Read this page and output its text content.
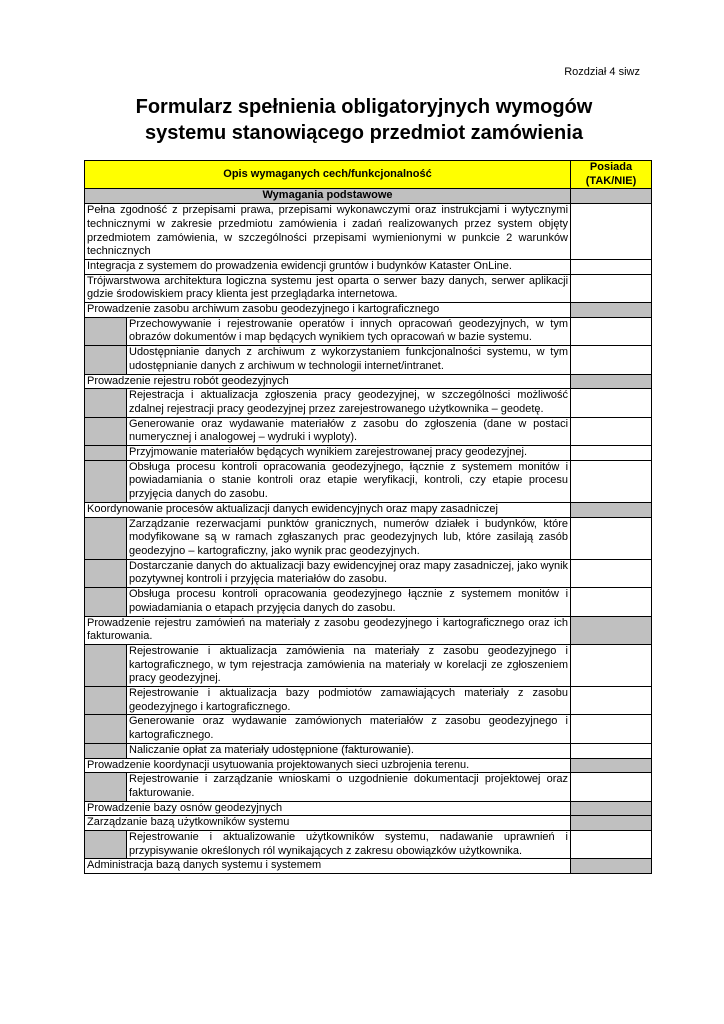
Rozdział 4 siwz
Formularz spełnienia obligatoryjnych wymogów
systemu stanowiącego przedmiot zamówienia
Opis wymaganych cech/funkcjonalność		Posiada (TAK/NIE)
Wymagania podstawowe		
Pełna zgodność z przepisami prawa, przepisami wykonawczymi oraz instrukcjami i wytycznymi technicznymi w zakresie przedmiotu zamówienia i zadań realizowanych przez system objęty przedmiotem zamówienia, w szczególności przepisami wymienionymi w punkcie 2 warunków technicznych		
Integracja z systemem do prowadzenia ewidencji gruntów i budynków Kataster OnLine.		
Trójwarstwowa architektura logiczna systemu jest oparta o serwer bazy danych, serwer aplikacji gdzie środowiskiem pracy klienta jest przeglądarka internetowa.		
Prowadzenie zasobu archiwum zasobu geodezyjnego i kartograficznego		
	Przechowywanie i rejestrowanie operatów i innych opracowań geodezyjnych, w tym obrazów dokumentów i map będących wynikiem tych opracowań w bazie systemu.	
	Udostępnianie danych z archiwum z wykorzystaniem funkcjonalności systemu, w tym udostępnianie danych z archiwum w technologii internet/intranet.	
Prowadzenie rejestru robót geodezyjnych		
	Rejestracja i aktualizacja zgłoszenia pracy geodezyjnej, w szczególności możliwość zdalnej rejestracji pracy geodezyjnej przez zarejestrowanego użytkownika – geodetę.	
	Generowanie oraz wydawanie materiałów z zasobu do zgłoszenia (dane w postaci numerycznej i analogowej – wydruki i wyploty).	
	Przyjmowanie materiałów będących wynikiem zarejestrowanej pracy geodezyjnej.	
	Obsługa procesu kontroli opracowania geodezyjnego, łącznie z systemem monitów i powiadamiania o stanie kontroli oraz etapie weryfikacji, kontroli, czy etapie procesu przyjęcia danych do zasobu.	
Koordynowanie procesów aktualizacji danych ewidencyjnych oraz mapy zasadniczej		
	Zarządzanie rezerwacjami punktów granicznych, numerów działek i budynków, które modyfikowane są w ramach zgłaszanych prac geodezyjnych lub, które zasilają zasób geodezyjno – kartograficzny, jako wynik prac geodezyjnych.	
	Dostarczanie danych do aktualizacji bazy ewidencyjnej oraz mapy zasadniczej, jako wynik pozytywnej kontroli i przyjęcia materiałów do zasobu.	
	Obsługa procesu kontroli opracowania geodezyjnego łącznie z systemem monitów i powiadamiania o etapach przyjęcia danych do zasobu.	
Prowadzenie rejestru zamówień na materiały z zasobu geodezyjnego i kartograficznego oraz ich fakturowania.		
	Rejestrowanie i aktualizacja zamówienia na materiały z zasobu geodezyjnego i kartograficznego, w tym rejestracja zamówienia na materiały w korelacji ze zgłoszeniem pracy geodezyjnej.	
	Rejestrowanie i aktualizacja bazy podmiotów zamawiających materiały z zasobu geodezyjnego i kartograficznego.	
	Generowanie oraz wydawanie zamówionych materiałów z zasobu geodezyjnego i kartograficznego.	
	Naliczanie opłat za materiały udostępnione (fakturowanie).	
Prowadzenie koordynacji usytuowania projektowanych sieci uzbrojenia terenu.		
	Rejestrowanie i zarządzanie wnioskami o uzgodnienie dokumentacji projektowej oraz fakturowanie.	
Prowadzenie bazy osnów geodezyjnych		
Zarządzanie bazą użytkowników systemu		
	Rejestrowanie i aktualizowanie użytkowników systemu, nadawanie uprawnień i przypisywanie określonych ról wynikających z zakresu obowiązków użytkownika.	
Administracja bazą danych systemu i systemem		
